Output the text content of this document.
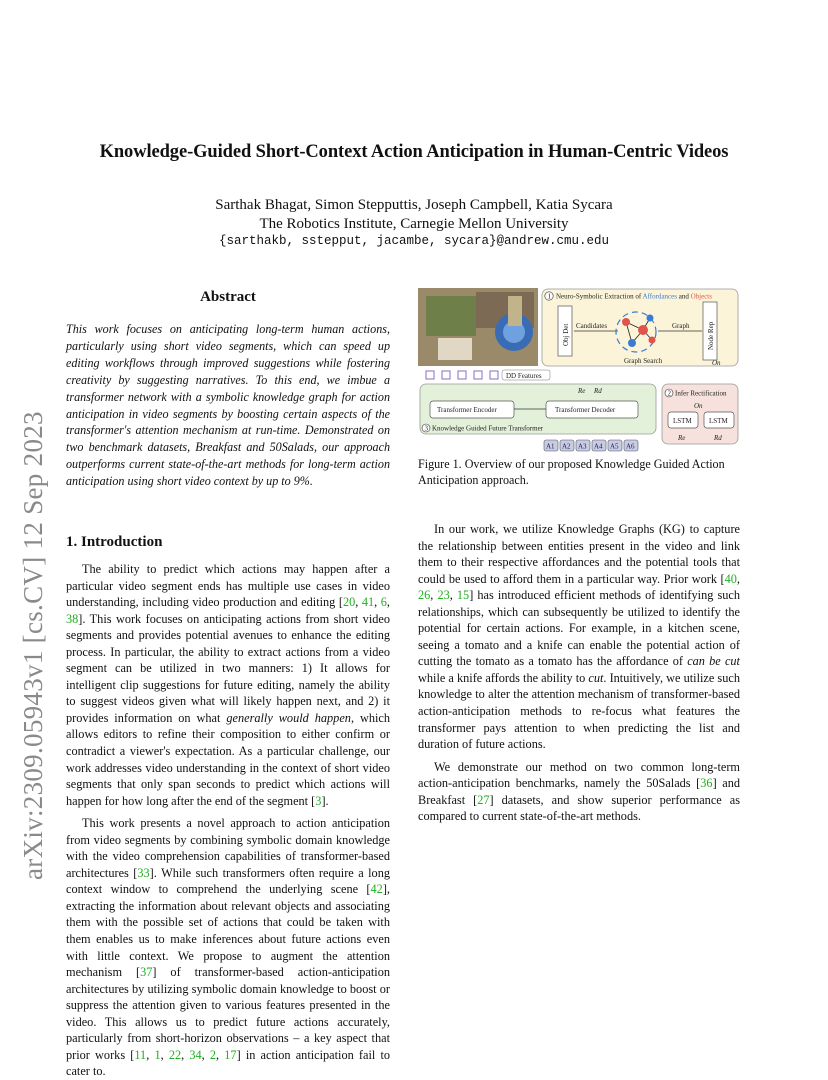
arXiv:2309.05943v1 [cs.CV] 12 Sep 2023
Knowledge-Guided Short-Context Action Anticipation in Human-Centric Videos
Sarthak Bhagat, Simon Stepputtis, Joseph Campbell, Katia Sycara
The Robotics Institute, Carnegie Mellon University
{sarthakb, sstepput, jacambe, sycara}@andrew.cmu.edu
Abstract
This work focuses on anticipating long-term human actions, particularly using short video segments, which can speed up editing workflows through improved suggestions while fostering creativity by suggesting narratives. To this end, we imbue a transformer network with a symbolic knowledge graph for action anticipation in video segments by boosting certain aspects of the transformer's attention mechanism at run-time. Demonstrated on two benchmark datasets, Breakfast and 50Salads, our approach outperforms current state-of-the-art methods for long-term action anticipation using short video context by up to 9%.
1. Introduction

The ability to predict which actions may happen after a particular video segment ends has multiple use cases in video understanding, including video production and editing [20, 41, 6, 38]. This work focuses on anticipating actions from short video segments and provides potential avenues to enhance the editing process. In particular, the ability to extract actions from a video segment can be utilized in two manners: 1) It allows for intelligent clip suggestions for future editing, namely the ability to suggest videos given what will likely happen next, and 2) it provides information on what generally would happen, which allows editors to refine their composition to either confirm or contradict a viewer's expectation. As a particular challenge, our work addresses video understanding in the context of short video segments that only span seconds to predict which actions will happen for how long after the end of the segment [3].

This work presents a novel approach to action anticipation from video segments by combining symbolic domain knowledge with the video comprehension capabilities of transformer-based architectures [33]. While such transformers often require a long context window to comprehend the underlying scene [42], extracting the information about relevant objects and associating them with the possible set of actions that could be taken with them enables us to make inferences about future actions even with little context. We propose to augment the attention mechanism [37] of transformer-based action-anticipation architectures by utilizing symbolic domain knowledge to boost or suppress the attention given to various features presented in the video. This allows us to predict future actions accurately, particularly from short-horizon observations – a key aspect that prior works [11, 1, 22, 34, 2, 17] in action anticipation fail to cater to.

In our work, we utilize Knowledge Graphs (KG) to capture the relationship between entities present in the video and link them to their respective affordances and the potential tools that could be used to afford them in a particular way. Prior work [40, 26, 23, 15] has introduced efficient methods of identifying such relationships, which can subsequently be utilized to identify the potential for certain actions. For example, in a kitchen scene, seeing a tomato and a knife can enable the potential action of cutting the tomato as a tomato has the affordance of can be cut while a knife affords the ability to cut. Intuitively, we utilize such knowledge to alter the attention mechanism of transformer-based action-anticipation methods to re-focus what features the transformer pays attention to when predicting the list and duration of future actions.

We demonstrate our method on two common long-term action-anticipation benchmarks, namely the 50Salads [36] and Breakfast [27] datasets, and show superior performance as compared to current state-of-the-art methods.

1 Neuro-Symbolic Extraction of Affordances and Objects
Obj Det Candidates	Graph	Node Rep
Graph Search	On
DD Features
Re Rd
Transformer Encoder	Transformer Decoder
3 Knowledge Guided Future Transformer
2 Infer Rectification
On
LSTM LSTM
Re	Rd
A1 A2 A3 A4 A5 A6
Figure 1. Overview of our proposed Knowledge Guided Action Anticipation approach.
